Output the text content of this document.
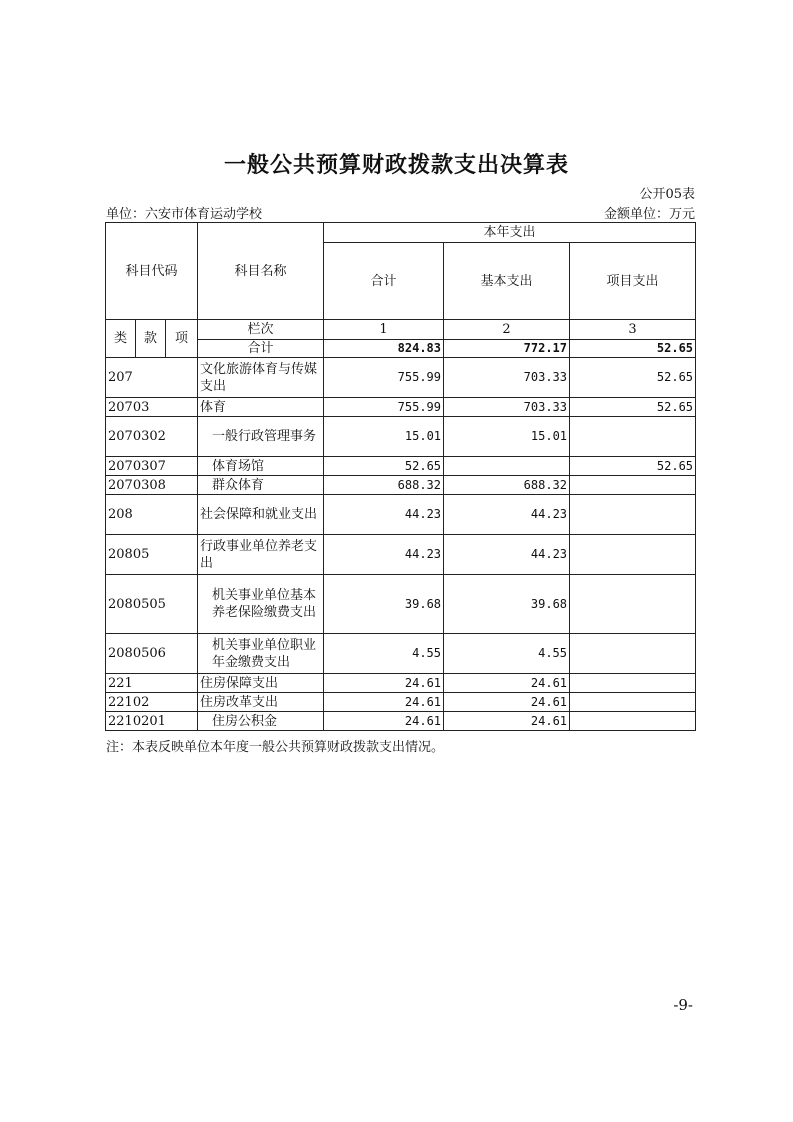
一般公共预算财政拨款支出决算表
公开05表
单位：六安市体育运动学校	金额单位：万元
科目代码			科目名称	本年支出		
				合计	基本支出	项目支出
类	款	项	栏次	1	2	3
			合计	824.83	772.17	52.65
207			文化旅游体育与传媒支出	755.99	703.33	52.65
20703			体育	755.99	703.33	52.65
2070302			一般行政管理事务	15.01	15.01	
2070307			体育场馆	52.65		52.65
2070308			群众体育	688.32	688.32	
208			社会保障和就业支出	44.23	44.23	
20805			行政事业单位养老支出	44.23	44.23	
2080505			机关事业单位基本养老保险缴费支出	39.68	39.68	
2080506			机关事业单位职业年金缴费支出	4.55	4.55	
221			住房保障支出	24.61	24.61	
22102			住房改革支出	24.61	24.61	
2210201			住房公积金	24.61	24.61	
注：本表反映单位本年度一般公共预算财政拨款支出情况。
-9-
